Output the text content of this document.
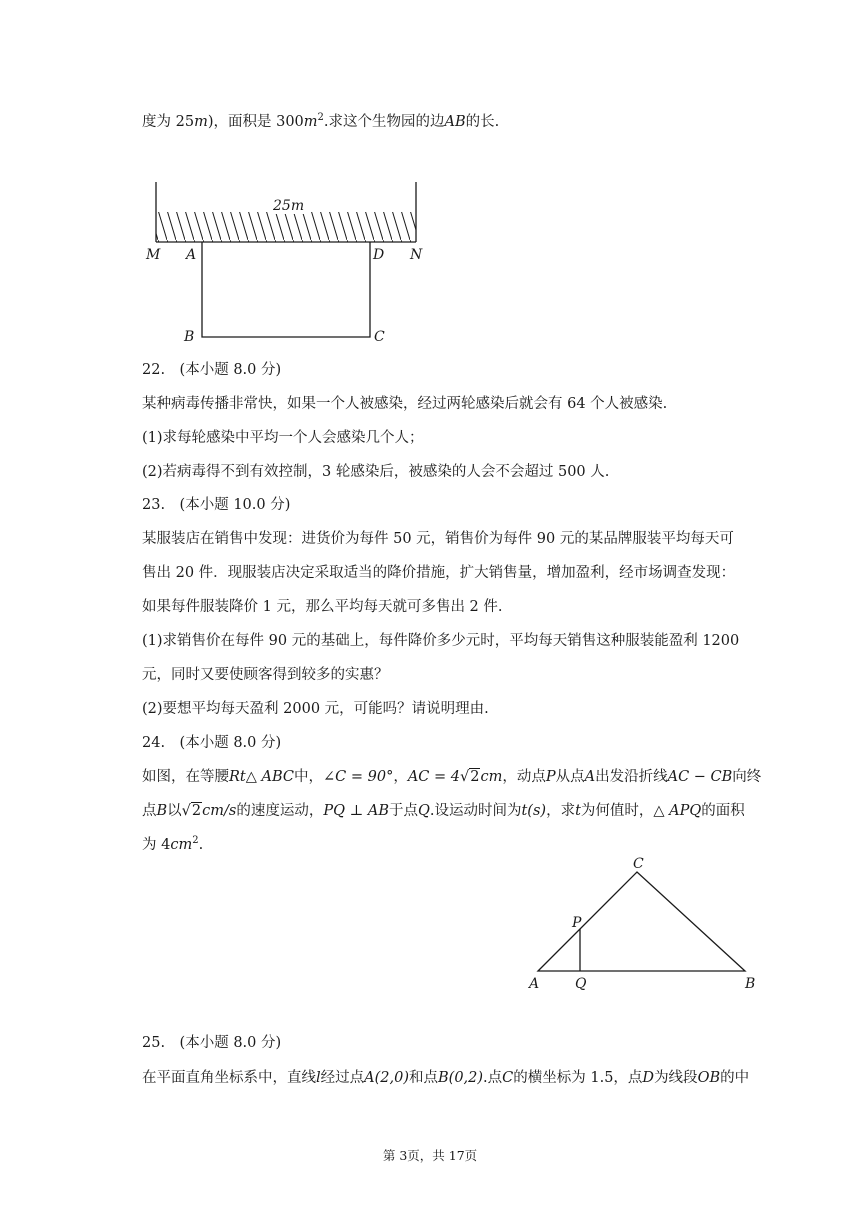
度为 25m)，面积是 $300m^2$.求这个生物园的边AB的长.
25m
M A	D N
B	C
22.　(本小题 8.0 分)
某种病毒传播非常快，如果一个人被感染，经过两轮感染后就会有 64 个人被感染.
(1)求每轮感染中平均一个人会感染几个人；
(2)若病毒得不到有效控制，3 轮感染后，被感染的人会不会超过 500 人.
23.　(本小题 10.0 分)
某服装店在销售中发现：进货价为每件 50 元，销售价为每件 90 元的某品牌服装平均每天可
售出 20 件．现服装店决定采取适当的降价措施，扩大销售量，增加盈利，经市场调查发现：
如果每件服装降价 1 元，那么平均每天就可多售出 2 件.
(1)求销售价在每件 90 元的基础上，每件降价多少元时，平均每天销售这种服装能盈利 1200
元，同时又要使顾客得到较多的实惠？
(2)要想平均每天盈利 2000 元，可能吗？请说明理由.
24.　(本小题 8.0 分)
如图，在等腰Rt△ ABC中，∠C = 90°，AC = 4√2cm，动点P从点A出发沿折线AC − CB向终
点B以√2cm/s的速度运动，PQ ⊥ AB于点Q.设运动时间为t(s)，求t为何值时，△ APQ的面积
为 $4cm^2$.
C
P
A	Q	B
25.　(本小题 8.0 分)
在平面直角坐标系中，直线l经过点A(2,0)和点B(0,2).点C的横坐标为 1.5，点D为线段OB的中
第 3页，共 17页
